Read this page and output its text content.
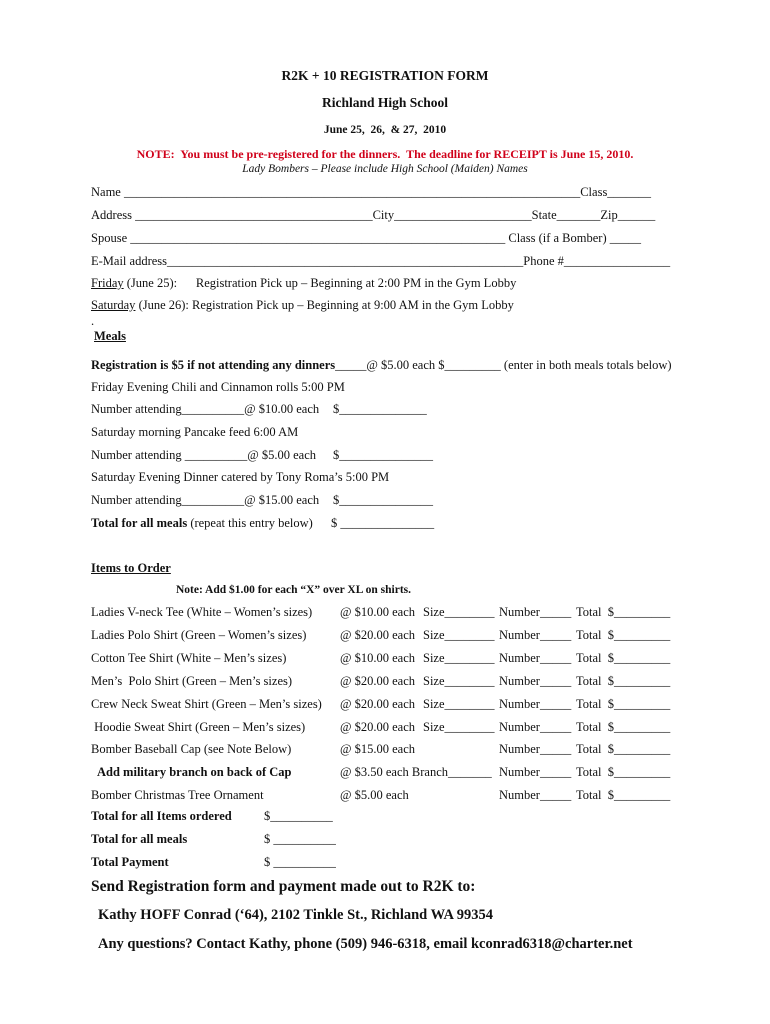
R2K + 10 REGISTRATION FORM
Richland High School
June 25,  26,  & 27,  2010
NOTE:  You must be pre-registered for the dinners.  The deadline for RECEIPT is June 15, 2010.
Lady Bombers – Please include High School (Maiden) Names
Name _________________________________________________________________________Class_______
Address ______________________________________City______________________State_______Zip______
Spouse ____________________________________________________________ Class (if a Bomber) _____
E-Mail address_________________________________________________________Phone #_________________
Friday (June 25):      Registration Pick up – Beginning at 2:00 PM in the Gym Lobby
Saturday (June 26): Registration Pick up – Beginning at 9:00 AM in the Gym Lobby
.
Meals
Registration is $5 if not attending any dinners_____@ $5.00 each $_________ (enter in both meals totals below)
Friday Evening Chili and Cinnamon rolls 5:00 PM
Number attending__________@ $10.00 each $______________
Saturday morning Pancake feed 6:00 AM
Number attending __________@ $5.00 each $_______________
Saturday Evening Dinner catered by Tony Roma’s 5:00 PM
Number attending__________@ $15.00 each $_______________
Total for all meals (repeat this entry below) $ _______________
Items to Order
Note: Add $1.00 for each “X” over XL on shirts.
Ladies V-neck Tee (White – Women’s sizes) @ $10.00 each Size________ Number_____ Total  $_________
Ladies Polo Shirt (Green – Women’s sizes)	@ $20.00 each Size________ Number_____ Total  $_________
Cotton Tee Shirt (White – Men’s sizes)	@ $10.00 each Size________ Number_____ Total  $_________
Men’s  Polo Shirt (Green – Men’s sizes)	@ $20.00 each Size________ Number_____ Total  $_________
Crew Neck Sweat Shirt (Green – Men’s sizes) @ $20.00 each Size________ Number_____ Total  $_________
Hoodie Sweat Shirt (Green – Men’s sizes)	@ $20.00 each Size________ Number_____ Total  $_________
Bomber Baseball Cap (see Note Below)	@ $15.00 each	Number_____ Total  $_________
Add military branch on back of Cap	@ $3.50 each Branch_______ Number_____ Total  $_________
Bomber Christmas Tree Ornament	@ $5.00 each	Number_____ Total  $_________
Total for all Items ordered	$__________
Total for all meals	$ __________
Total Payment	$ __________
Send Registration form and payment made out to R2K to:
Kathy HOFF Conrad (‘64), 2102 Tinkle St., Richland WA 99354
Any questions? Contact Kathy, phone (509) 946-6318, email kconrad6318@charter.net
